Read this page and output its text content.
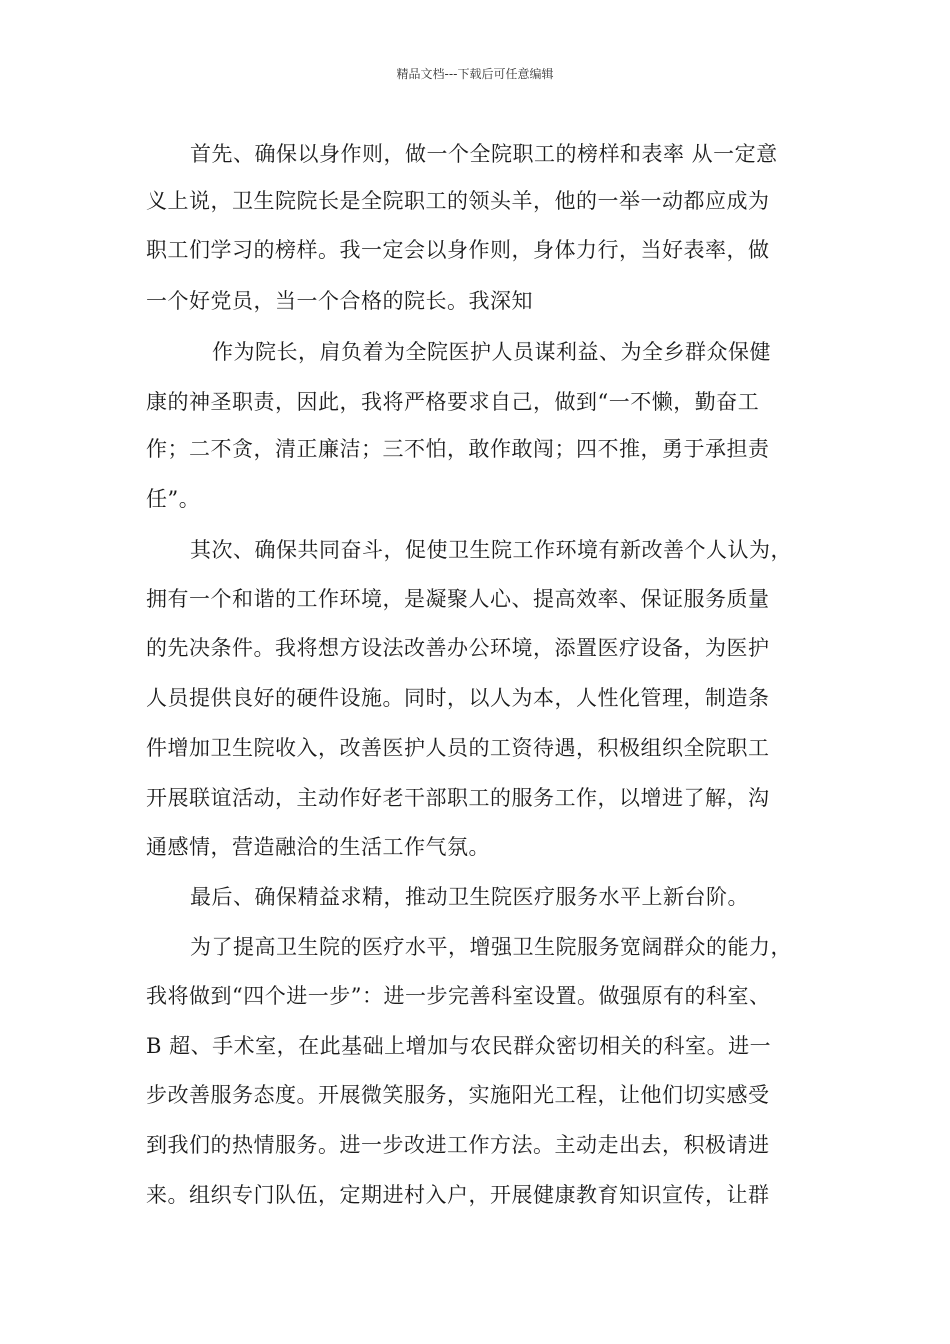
精品文档---下载后可任意编辑
首先、确保以身作则，做一个全院职工的榜样和表率 从一定意
义上说，卫生院院长是全院职工的领头羊，他的一举一动都应成为
职工们学习的榜样。我一定会以身作则，身体力行，当好表率，做
一个好党员，当一个合格的院长。我深知
作为院长，肩负着为全院医护人员谋利益、为全乡群众保健
康的神圣职责，因此，我将严格要求自己，做到“一不懒，勤奋工
作；二不贪，清正廉洁；三不怕，敢作敢闯；四不推，勇于承担责
任”。
其次、确保共同奋斗，促使卫生院工作环境有新改善个人认为，
拥有一个和谐的工作环境，是凝聚人心、提高效率、保证服务质量
的先决条件。我将想方设法改善办公环境，添置医疗设备，为医护
人员提供良好的硬件设施。同时，以人为本，人性化管理，制造条
件增加卫生院收入，改善医护人员的工资待遇，积极组织全院职工
开展联谊活动，主动作好老干部职工的服务工作，以增进了解，沟
通感情，营造融洽的生活工作气氛。
最后、确保精益求精，推动卫生院医疗服务水平上新台阶。
为了提高卫生院的医疗水平，增强卫生院服务宽阔群众的能力，
我将做到“四个进一步”：进一步完善科室设置。做强原有的科室、
B 超、手术室，在此基础上增加与农民群众密切相关的科室。进一
步改善服务态度。开展微笑服务，实施阳光工程，让他们切实感受
到我们的热情服务。进一步改进工作方法。主动走出去，积极请进
来。组织专门队伍，定期进村入户，开展健康教育知识宣传，让群
